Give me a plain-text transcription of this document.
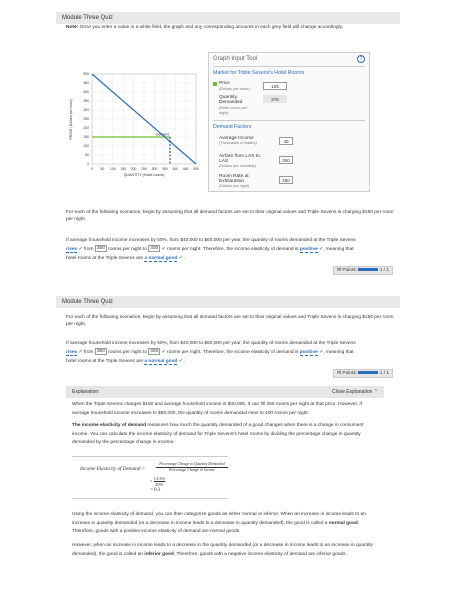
Module Three Quiz
Note: Once you enter a value in a white field, the graph and any corresponding amounts in each grey field will change accordingly.
0 50 100 150 200 250 300 350 400 450 500
0
50
100
150
200
250
300
350
400
450
500
Demand
QUANTITY (Hotel rooms)
PRICE (Dollars per room)
Graph Input Tool	?
Market for Triple Sevens's Hotel Rooms
Price
(Dollars per room)	125
Quantity Demanded
(Hotel rooms per night)
375
Demand Factors
Average Income
(Thousands of dollars)	40
Airfare from LAX to LAS
(Dollars per roundtrip)
250
Room Rate at Exhilaration
(Dollars per night)
250
For each of the following scenarios, begin by assuming that all demand factors are set to their original values and Triple Sevens is charging $150 per room per night.
If average household income increases by 50%, from $40,000 to $60,000 per year, the quantity of rooms demanded at the Triple Sevens
rises ✓ from 350 rooms per night to 400 ✓ rooms per night. Therefore, the income elasticity of demand is positive ✓, meaning that
hotel rooms at the Triple Sevens are a normal good ✓ .
✉ Points:	1 / 1
Module Three Quiz
For each of the following scenarios, begin by assuming that all demand factors are set to their original values and Triple Sevens is charging $150 per room per night.
If average household income increases by 50%, from $40,000 to $60,000 per year, the quantity of rooms demanded at the Triple Sevens
rises ✓ from 350 rooms per night to 400 ✓ rooms per night. Therefore, the income elasticity of demand is positive ✓, meaning that
hotel rooms at the Triple Sevens are a normal good ✓ .
✉ Points:	1 / 1
Explanation:	Close Explanation ⌃
When the Triple Sevens charges $150 and average household income is $40,000, it can fill 350 rooms per night at that price. However, if average household income increases to $60,000, the quantity of rooms demanded rises to 400 rooms per night.
The income elasticity of demand measures how much the quantity demanded of a good changes when there is a change in consumers' income. You can calculate the income elasticity of demand for Triple Sevens's hotel rooms by dividing the percentage change in quantity demanded by the percentage change in income:
Income Elasticity of Demand =
Percentage Change in Quantity Demanded
Percentage Change in Income
= $\frac{13.3\%}{40\%}$
= 0.3
Using the income elasticity of demand, you can then categorize goods as either normal or inferior. When an increase in income leads to an increase in quantity demanded (or a decrease in income leads to a decrease in quantity demanded), the good is called a normal good. Therefore, goods with a positive income elasticity of demand are normal goods.
However, when an increase in income leads to a decrease in the quantity demanded (or a decrease in income leads to an increase in quantity demanded), the good is called an inferior good. Therefore, goods with a negative income elasticity of demand are inferior goods.
